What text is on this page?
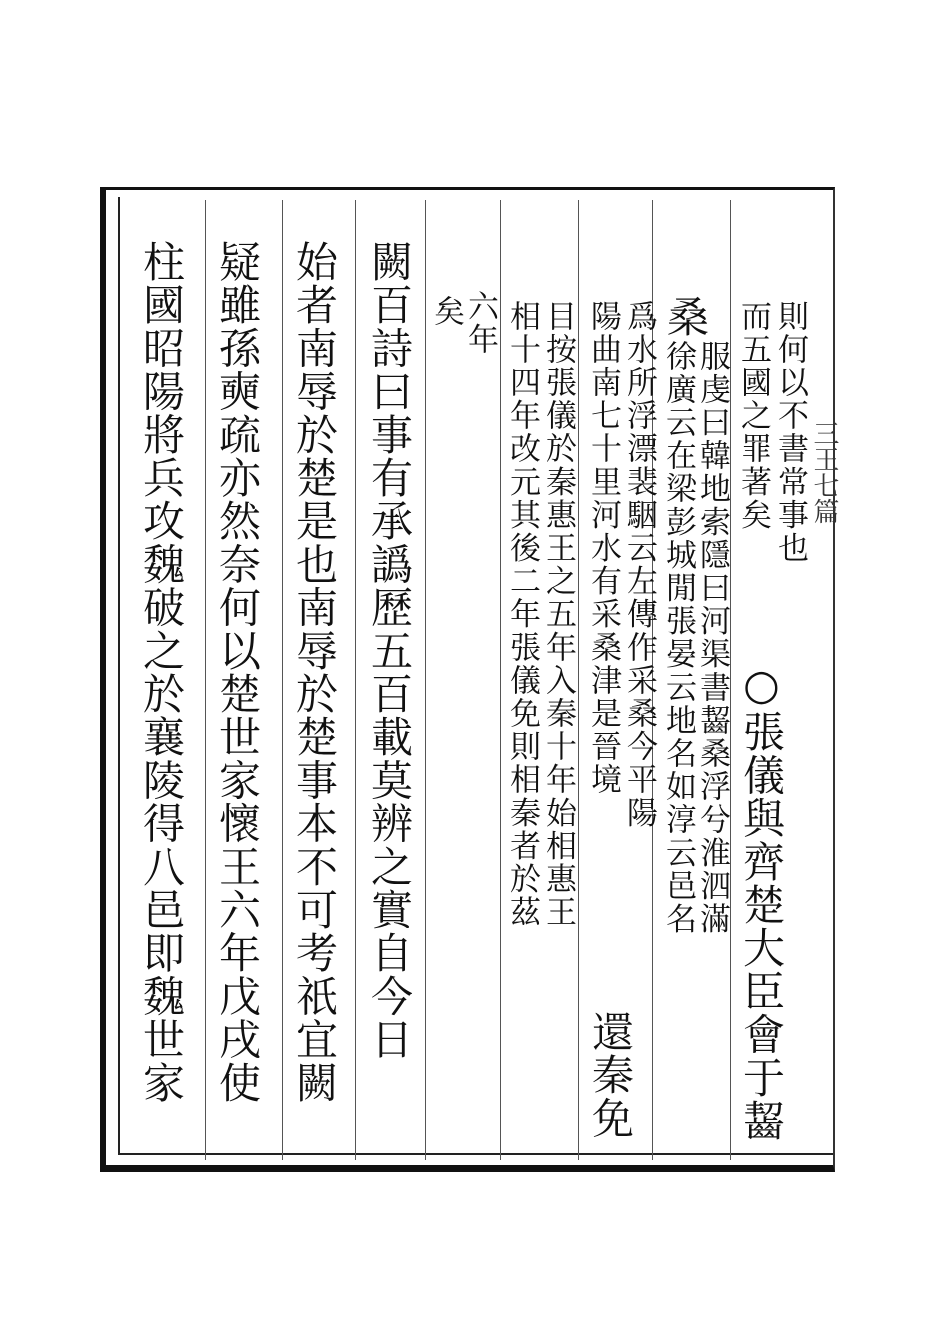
三王七篇
則何以不書常事也
而五國之罪著矣
○張儀與齊楚大臣會于齧
服虔曰韓地索隱曰河渠書齧桑浮兮淮泗滿
桑
徐廣云在梁彭城閒張晏云地名如淳云邑名
爲水所浮漂裴駰云左傳作采桑今平陽
陽曲南七十里河水有采桑津是晉境
還秦免
目按張儀於秦惠王之五年入秦十年始相惠王
相十四年改元其後二年張儀免則相秦者於茲
六年
矣
闕百詩曰事有承譌歷五百載莫辨之實自今日
始者南辱於楚是也南辱於楚事本不可考祇宜闕
疑雖孫奭疏亦然奈何以楚世家懷王六年戊戌使
柱國昭陽將兵攻魏破之於襄陵得八邑即魏世家
